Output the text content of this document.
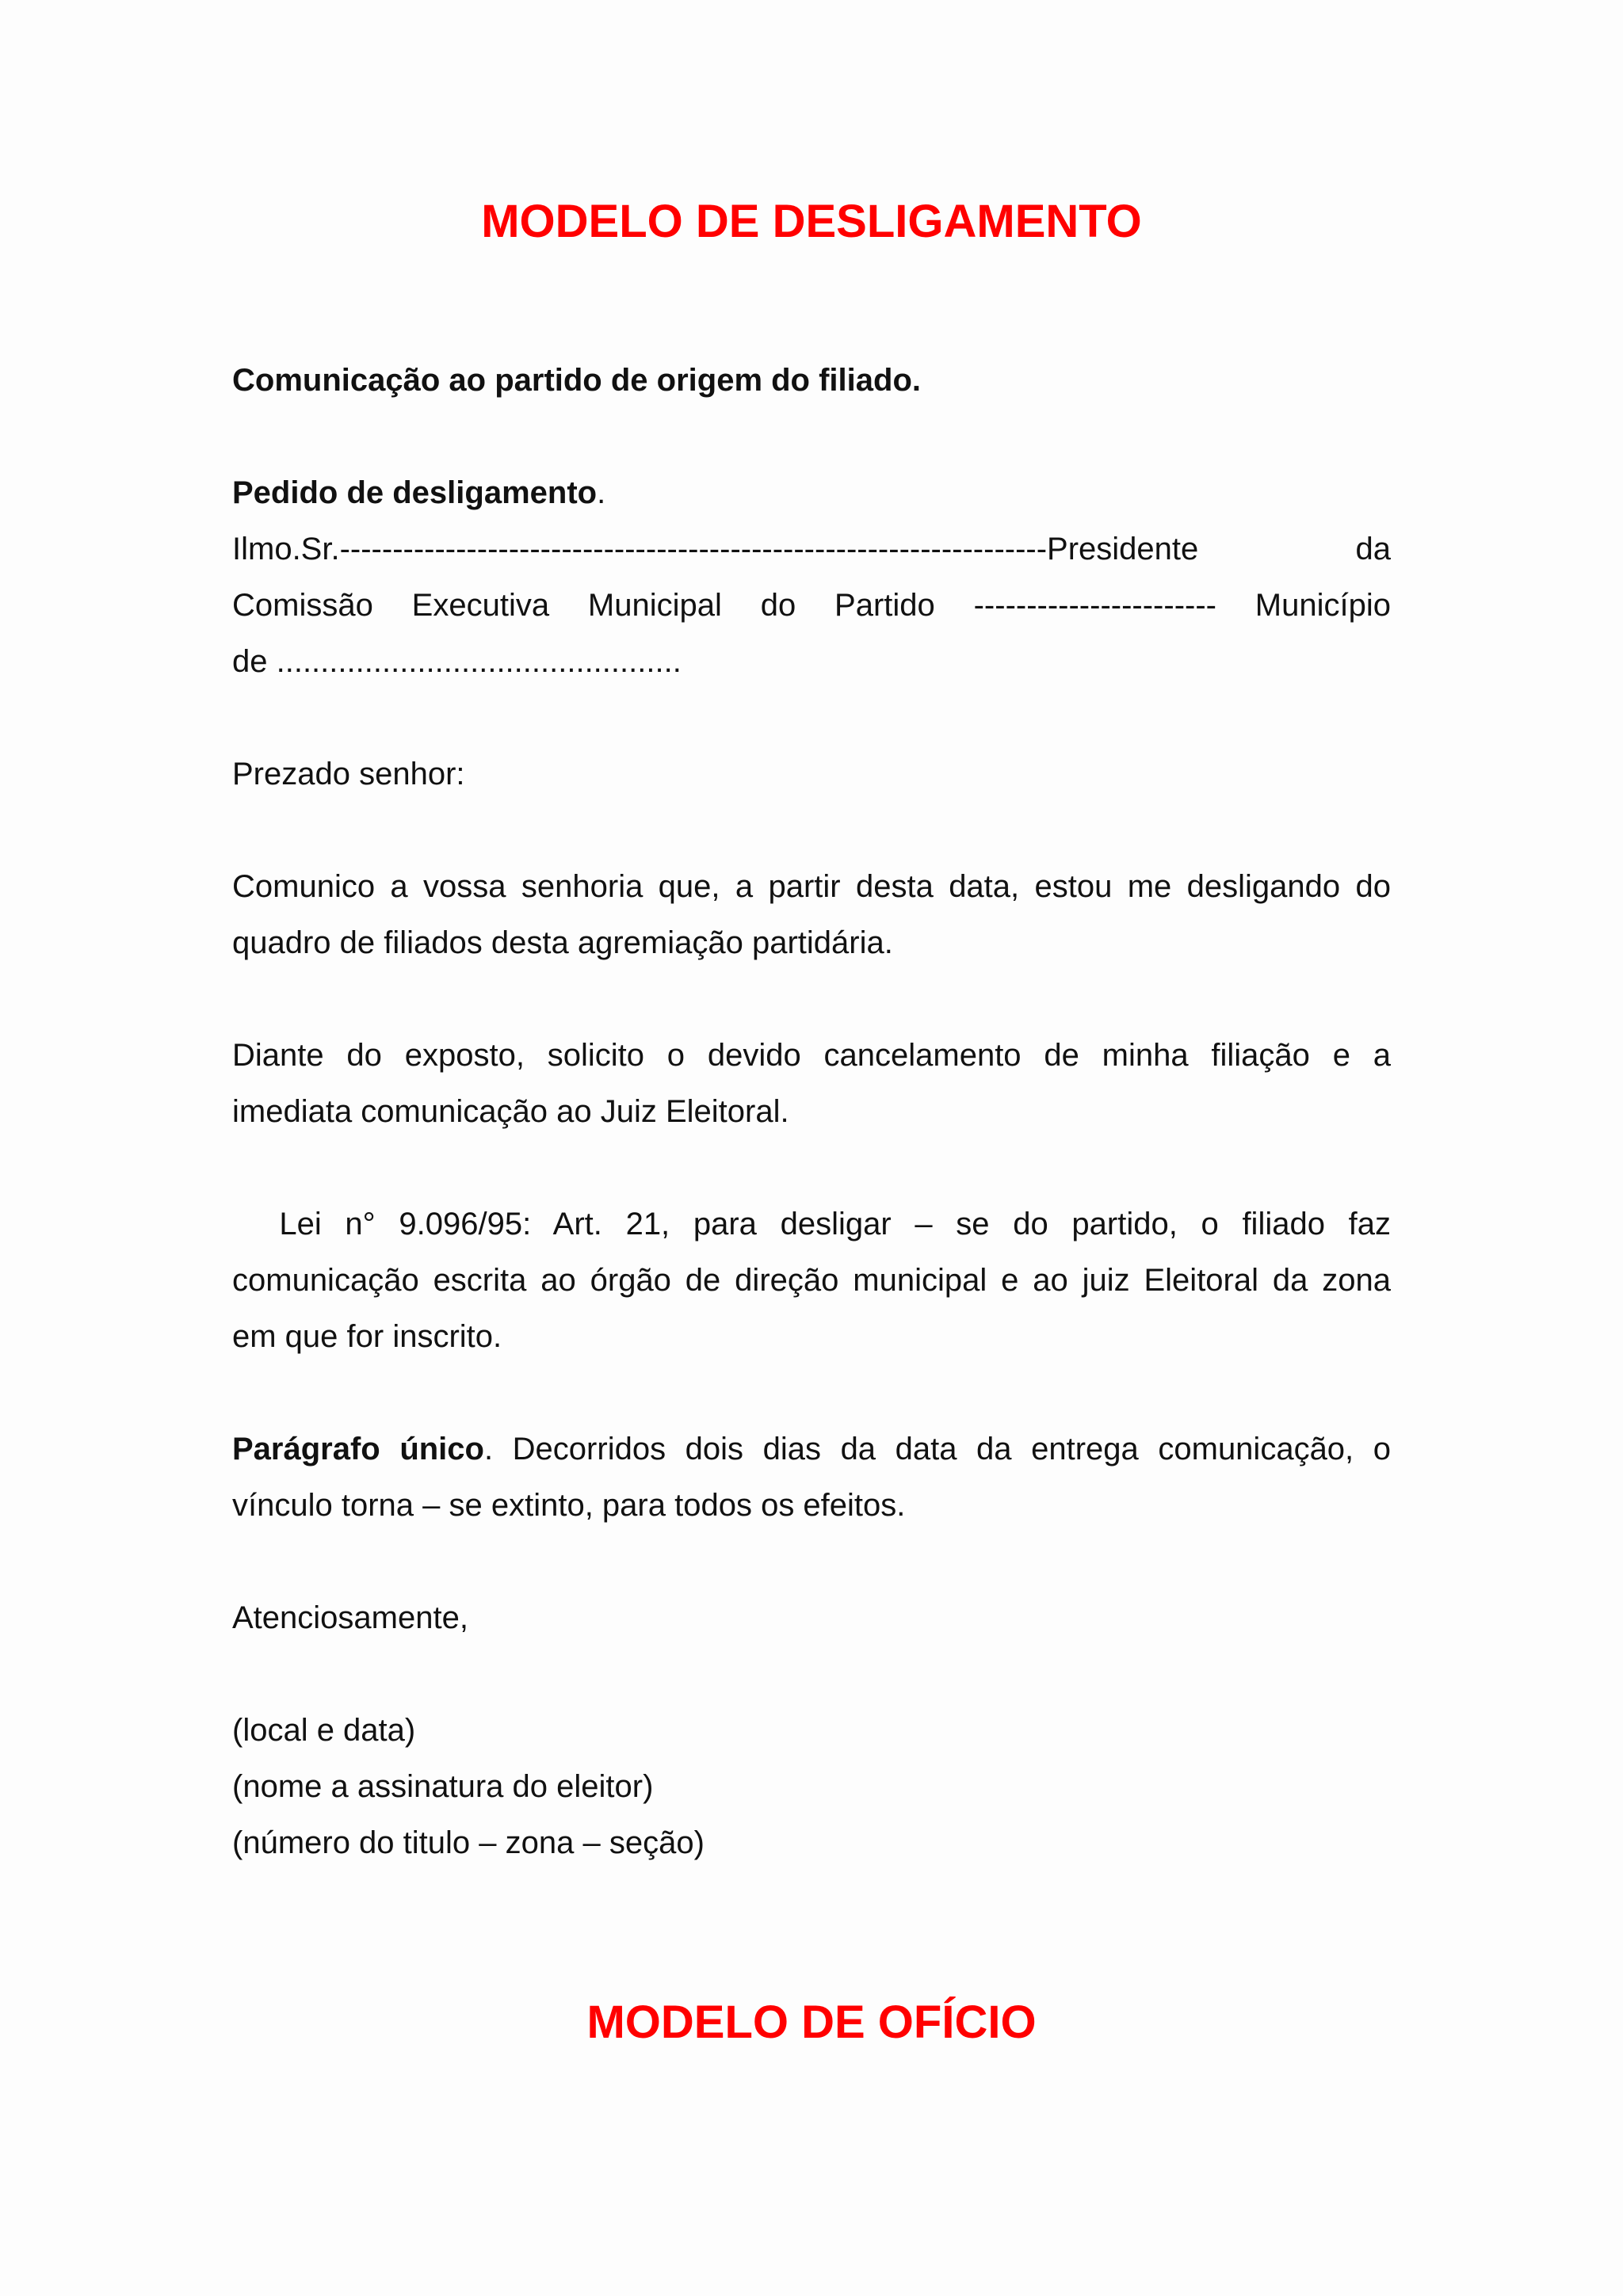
MODELO DE DESLIGAMENTO

Comunicação ao partido de origem do filiado.

Pedido de desligamento.

Ilmo.Sr.-------------------------------------------------------------------Presidente da
Comissão Executiva Municipal do Partido ----------------------- Município
de ..............................................

Prezado senhor:

Comunico a vossa senhoria que, a partir desta data, estou me desligando do
quadro de filiados desta agremiação partidária.
Diante do exposto, solicito o devido cancelamento de minha filiação e a
imediata comunicação ao Juiz Eleitoral.
Lei n° 9.096/95: Art. 21, para desligar – se do partido, o filiado faz
comunicação escrita ao órgão de direção municipal e ao juiz Eleitoral da zona
em que for inscrito.
Parágrafo único. Decorridos dois dias da data da entrega comunicação, o
vínculo torna – se extinto, para todos os efeitos.

Atenciosamente,

(local e data)
(nome a assinatura do eleitor)
(número do titulo – zona – seção)
MODELO DE OFÍCIO
